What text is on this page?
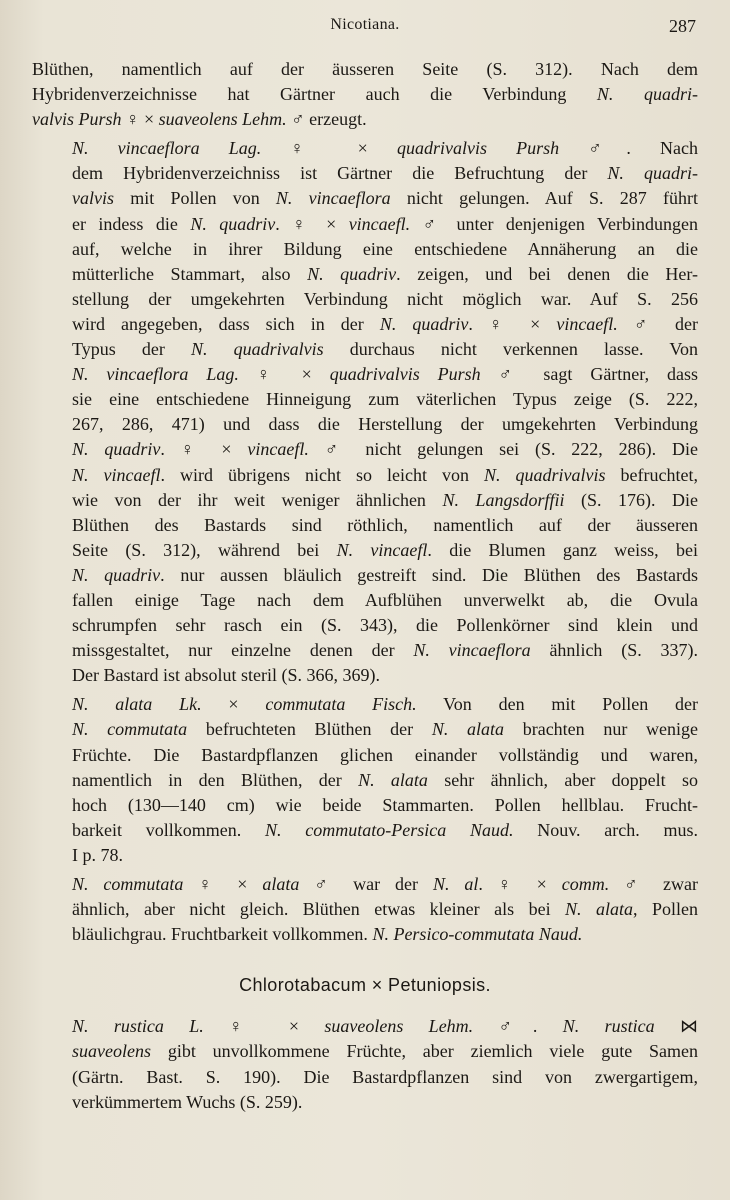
Nicotiana.	287

Blüthen, namentlich auf der äusseren Seite (S. 312). Nach dem
Hybridenverzeichnisse hat Gärtner auch die Verbindung N. quadri-
valvis Pursh ♀ × suaveolens Lehm. ♂ erzeugt.

N. vincaeflora Lag. ♀ × quadrivalvis Pursh ♂. Nach
dem Hybridenverzeichniss ist Gärtner die Befruchtung der N. quadri-
valvis mit Pollen von N. vincaeflora nicht gelungen. Auf S. 287 führt
er indess die N. quadriv. ♀ × vincaefl. ♂ unter denjenigen Verbindungen
auf, welche in ihrer Bildung eine entschiedene Annäherung an die
mütterliche Stammart, also N. quadriv. zeigen, und bei denen die Her-
stellung der umgekehrten Verbindung nicht möglich war. Auf S. 256
wird angegeben, dass sich in der N. quadriv. ♀ × vincaefl. ♂ der
Typus der N. quadrivalvis durchaus nicht verkennen lasse. Von
N. vincaeflora Lag. ♀ × quadrivalvis Pursh ♂ sagt Gärtner, dass
sie eine entschiedene Hinneigung zum väterlichen Typus zeige (S. 222,
267, 286, 471) und dass die Herstellung der umgekehrten Verbindung
N. quadriv. ♀ × vincaefl. ♂ nicht gelungen sei (S. 222, 286). Die
N. vincaefl. wird übrigens nicht so leicht von N. quadrivalvis befruchtet,
wie von der ihr weit weniger ähnlichen N. Langsdorffii (S. 176). Die
Blüthen des Bastards sind röthlich, namentlich auf der äusseren
Seite (S. 312), während bei N. vincaefl. die Blumen ganz weiss, bei
N. quadriv. nur aussen bläulich gestreift sind. Die Blüthen des Bastards
fallen einige Tage nach dem Aufblühen unverwelkt ab, die Ovula
schrumpfen sehr rasch ein (S. 343), die Pollenkörner sind klein und
missgestaltet, nur einzelne denen der N. vincaeflora ähnlich (S. 337).
Der Bastard ist absolut steril (S. 366, 369).

N. alata Lk. × commutata Fisch. Von den mit Pollen der
N. commutata befruchteten Blüthen der N. alata brachten nur wenige
Früchte. Die Bastardpflanzen glichen einander vollständig und waren,
namentlich in den Blüthen, der N. alata sehr ähnlich, aber doppelt so
hoch (130—140 cm) wie beide Stammarten. Pollen hellblau. Frucht-
barkeit vollkommen. N. commutato-Persica Naud. Nouv. arch. mus.
I p. 78.

N. commutata ♀ × alata ♂ war der N. al. ♀ × comm. ♂ zwar
ähnlich, aber nicht gleich. Blüthen etwas kleiner als bei N. alata, Pollen
bläulichgrau. Fruchtbarkeit vollkommen. N. Persico-commutata Naud.

Chlorotabacum × Petuniopsis.

N. rustica L. ♀ × suaveolens Lehm. ♂. N. rustica ⋈
suaveolens gibt unvollkommene Früchte, aber ziemlich viele gute Samen
(Gärtn. Bast. S. 190). Die Bastardpflanzen sind von zwergartigem,
verkümmertem Wuchs (S. 259).
